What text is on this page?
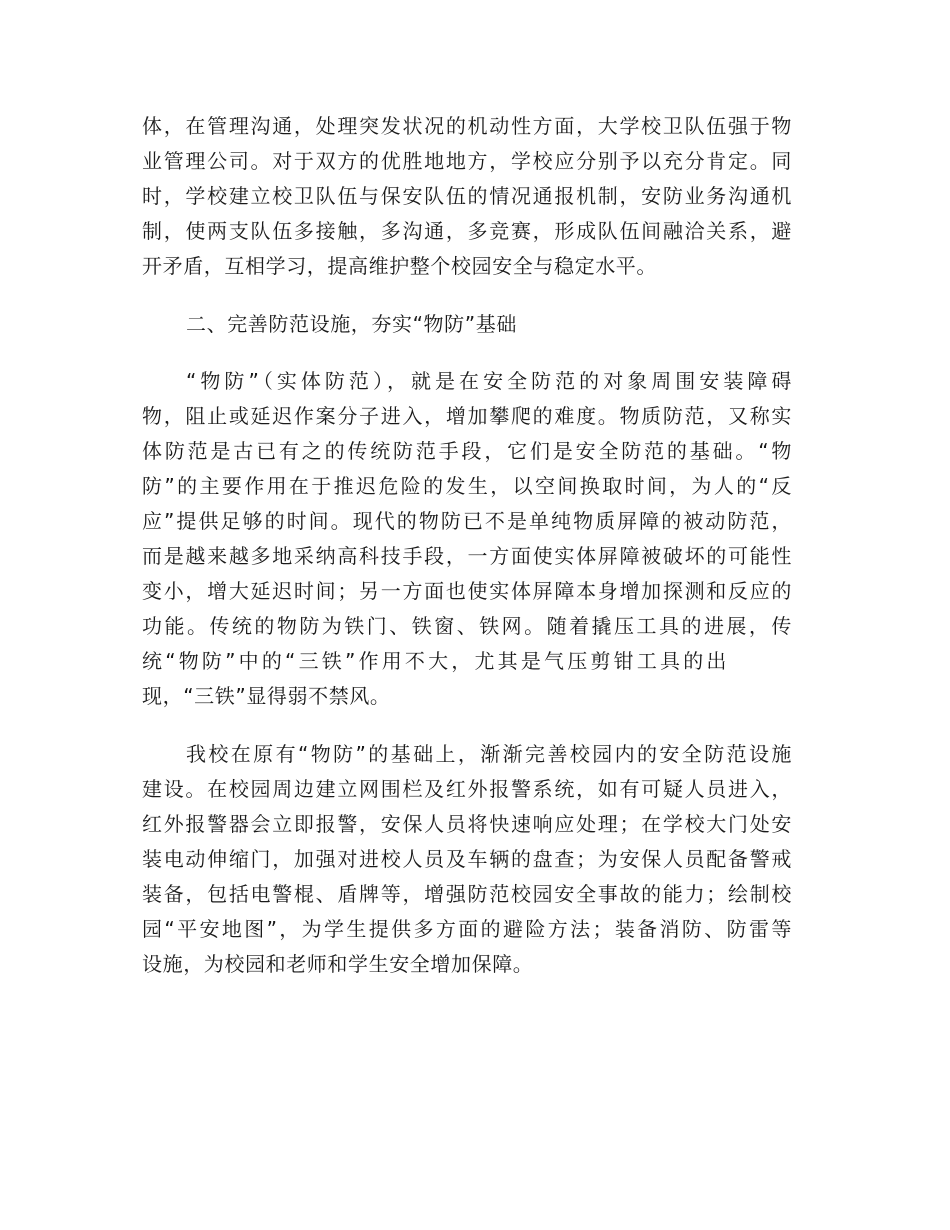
体，在管理沟通，处理突发状况的机动性方面，大学校卫队伍强于物
业管理公司。对于双方的优胜地地方，学校应分别予以充分肯定。同
时，学校建立校卫队伍与保安队伍的情况通报机制，安防业务沟通机
制，使两支队伍多接触，多沟通，多竞赛，形成队伍间融洽关系，避
开矛盾，互相学习，提高维护整个校园安全与稳定水平。
二、完善防范设施，夯实“物防”基础
“物防”（实体防范），就是在安全防范的对象周围安装障碍
物，阻止或延迟作案分子进入，增加攀爬的难度。物质防范，又称实
体防范是古已有之的传统防范手段，它们是安全防范的基础。“物
防”的主要作用在于推迟危险的发生，以空间换取时间，为人的“反
应”提供足够的时间。现代的物防已不是单纯物质屏障的被动防范，
而是越来越多地采纳高科技手段，一方面使实体屏障被破坏的可能性
变小，增大延迟时间；另一方面也使实体屏障本身增加探测和反应的
功能。传统的物防为铁门、铁窗、铁网。随着撬压工具的进展，传
统“物防”中的“三铁”作用不大，尤其是气压剪钳工具的出
现，“三铁”显得弱不禁风。
我校在原有“物防”的基础上，渐渐完善校园内的安全防范设施
建设。在校园周边建立网围栏及红外报警系统，如有可疑人员进入，
红外报警器会立即报警，安保人员将快速响应处理；在学校大门处安
装电动伸缩门，加强对进校人员及车辆的盘查；为安保人员配备警戒
装备，包括电警棍、盾牌等，增强防范校园安全事故的能力；绘制校
园“平安地图”，为学生提供多方面的避险方法；装备消防、防雷等
设施，为校园和老师和学生安全增加保障。
